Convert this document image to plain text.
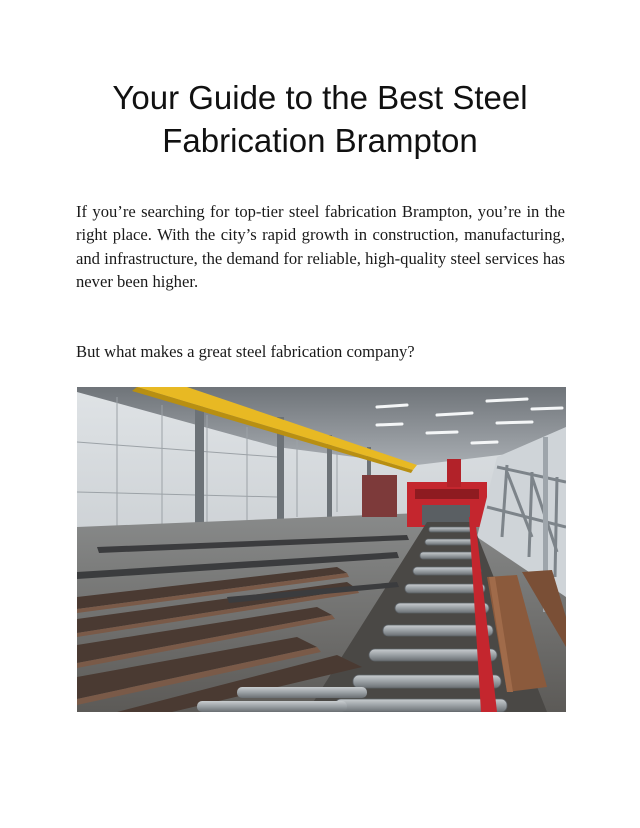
Your Guide to the Best Steel
Fabrication Brampton

If you’re searching for top-tier steel fabrication Brampton, you’re in the right place. With the city’s rapid growth in construction, manufacturing, and infrastructure, the demand for reliable, high-quality steel services has never been higher.

But what makes a great steel fabrication company?
